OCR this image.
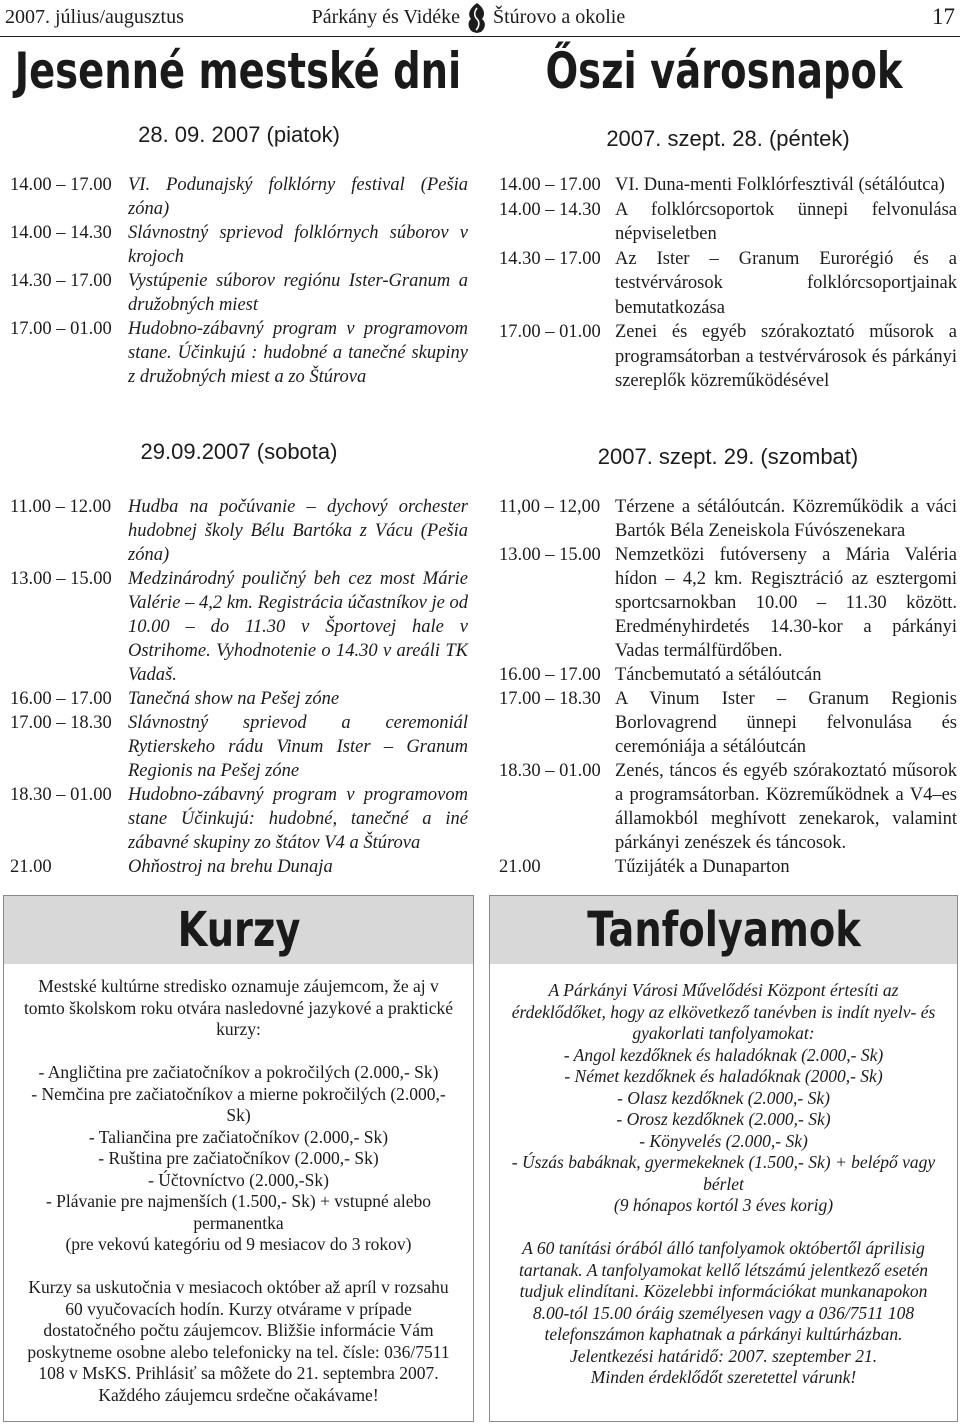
2007. július/augusztus	Párkány és Vidéke Štúrovo a okolie	17
Jesenné mestské dni Őszi városnapok
28. 09. 2007 (piatok)
14.00 – 17.00 VI. Podunajský folklórny festival (Pešia zóna)
14.00 – 14.30 Slávnostný sprievod folklórnych súborov v krojoch
14.30 – 17.00 Vystúpenie súborov regiónu Ister-Granum a družobných miest
17.00 – 01.00 Hudobno-zábavný program v programovom stane. Účinkujú : hudobné a tanečné skupiny z družobných miest a zo Štúrova
29.09.2007 (sobota)
11.00 – 12.00 Hudba na počúvanie – dychový orchester hudobnej školy Bélu Bartóka z Vácu (Pešia zóna)
13.00 – 15.00 Medzinárodný pouličný beh cez most Márie Valérie – 4,2 km. Registrácia účastníkov je od 10.00 – do 11.30 v Športovej hale v Ostrihome. Vyhodnotenie o 14.30 v areáli TK Vadaš.
16.00 – 17.00 Tanečná show na Pešej zóne
17.00 – 18.30 Slávnostný sprievod a ceremoniál Rytierskeho rádu Vinum Ister – Granum Regionis na Pešej zóne
18.30 – 01.00 Hudobno-zábavný program v programovom stane Účinkujú: hudobné, tanečné a iné zábavné skupiny zo štátov V4 a Štúrova
21.00	Ohňostroj na brehu Dunaja
2007. szept. 28. (péntek)
14.00 – 17.00 VI. Duna-menti Folklórfesztivál (sétálóutca)
14.00 – 14.30 A folklórcsoportok ünnepi felvonulása népviseletben
14.30 – 17.00 Az Ister – Granum Eurorégió és a testvérvárosok folklórcsoportjainak bemutatkozása
17.00 – 01.00 Zenei és egyéb szórakoztató műsorok a programsátorban a testvérvárosok és párkányi szereplők közreműködésével
2007. szept. 29. (szombat)
11,00 – 12,00 Térzene a sétálóutcán. Közreműködik a váci Bartók Béla Zeneiskola Fúvószenekara
13.00 – 15.00 Nemzetközi futóverseny a Mária Valéria hídon – 4,2 km. Regisztráció az esztergomi sportcsarnokban 10.00 – 11.30 között. Eredményhirdetés 14.30-kor a párkányi Vadas termálfürdőben.
16.00 – 17.00 Táncbemutató a sétálóutcán
17.00 – 18.30 A Vinum Ister – Granum Regionis Borlovagrend ünnepi felvonulása és ceremóniája a sétálóutcán
18.30 – 01.00 Zenés, táncos és egyéb szórakoztató műsorok a programsátorban. Közreműködnek a V4–es államokból meghívott zenekarok, valamint párkányi zenészek és táncosok.
21.00	Tűzijáték a Dunaparton
Kurzy

Mestské kultúrne stredisko oznamuje záujemcom, že aj v tomto školskom roku otvára nasledovné jazykové a praktické kurzy:

- Angličtina pre začiatočníkov a pokročilých (2.000,- Sk)

- Nemčina pre začiatočníkov a mierne pokročilých (2.000,- Sk)

- Taliančina pre začiatočníkov (2.000,- Sk)

- Ruština pre začiatočníkov (2.000,- Sk)

- Účtovníctvo (2.000,-Sk)

- Plávanie pre najmenších (1.500,- Sk) + vstupné alebo permanentka

(pre vekovú kategóriu od 9 mesiacov do 3 rokov)

Kurzy sa uskutočnia v mesiacoch október až apríl v rozsahu 60 vyučovacích hodín. Kurzy otvárame v prípade dostatočného počtu záujemcov. Bližšie informácie Vám poskytneme osobne alebo telefonicky na tel. čísle: 036/7511 108 v MsKS. Prihlásiť sa môžete do 21. septembra 2007. Každého záujemcu srdečne očakávame!

Tanfolyamok

A Párkányi Városi Művelődési Központ értesíti az érdeklődőket, hogy az elkövetkező tanévben is indít nyelv- és gyakorlati tanfolyamokat:

- Angol kezdőknek és haladóknak (2.000,- Sk)

- Német kezdőknek és haladóknak (2000,- Sk)

- Olasz kezdőknek (2.000,- Sk)

- Orosz kezdőknek (2.000,- Sk)

- Könyvelés (2.000,- Sk)

- Úszás babáknak, gyermekeknek (1.500,- Sk) + belépő vagy bérlet

(9 hónapos kortól 3 éves korig)

A 60 tanítási órából álló tanfolyamok októbertől áprilisig tartanak. A tanfolyamokat kellő létszámú jelentkező esetén tudjuk elindítani. Közelebbi információkat munkanapokon 8.00-tól 15.00 óráig személyesen vagy a 036/7511 108 telefonszámon kaphatnak a párkányi kultúrházban. Jelentkezési határidő: 2007. szeptember 21.

Minden érdeklődőt szeretettel várunk!
